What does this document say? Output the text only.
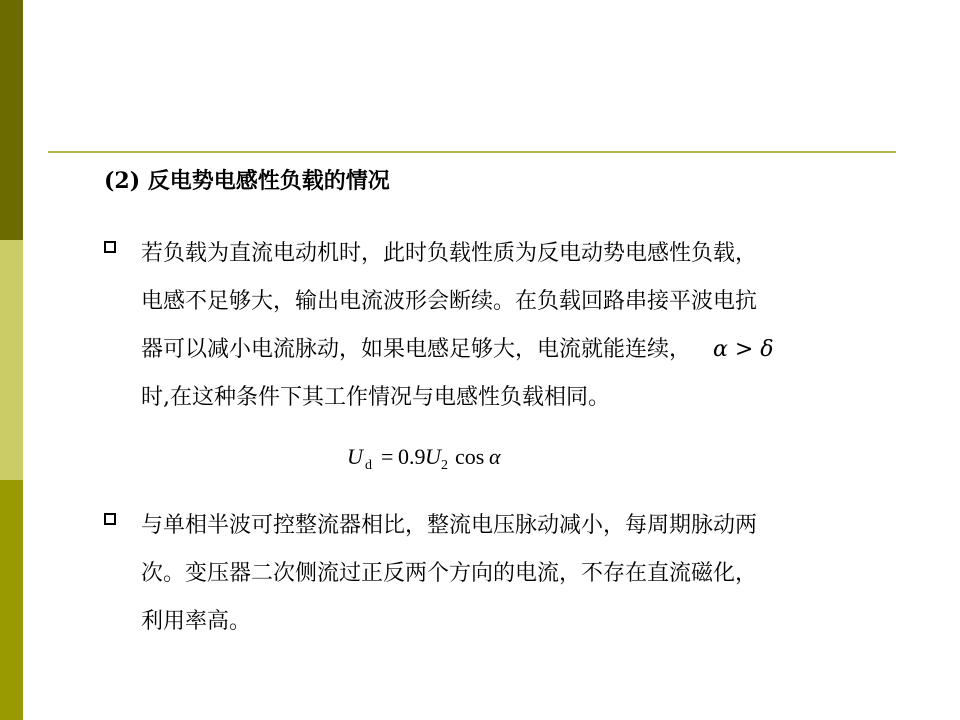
(2) 反电势电感性负载的情况
若负载为直流电动机时，此时负载性质为反电动势电感性负载，
电感不足够大，输出电流波形会断续。在负载回路串接平波电抗
器可以减小电流脉动，如果电感足够大，电流就能连续， α > δ
时,在这种条件下其工作情况与电感性负载相同。
U d = 0.9 U 2 cos α
与单相半波可控整流器相比，整流电压脉动减小，每周期脉动两
次。变压器二次侧流过正反两个方向的电流，不存在直流磁化，
利用率高。
